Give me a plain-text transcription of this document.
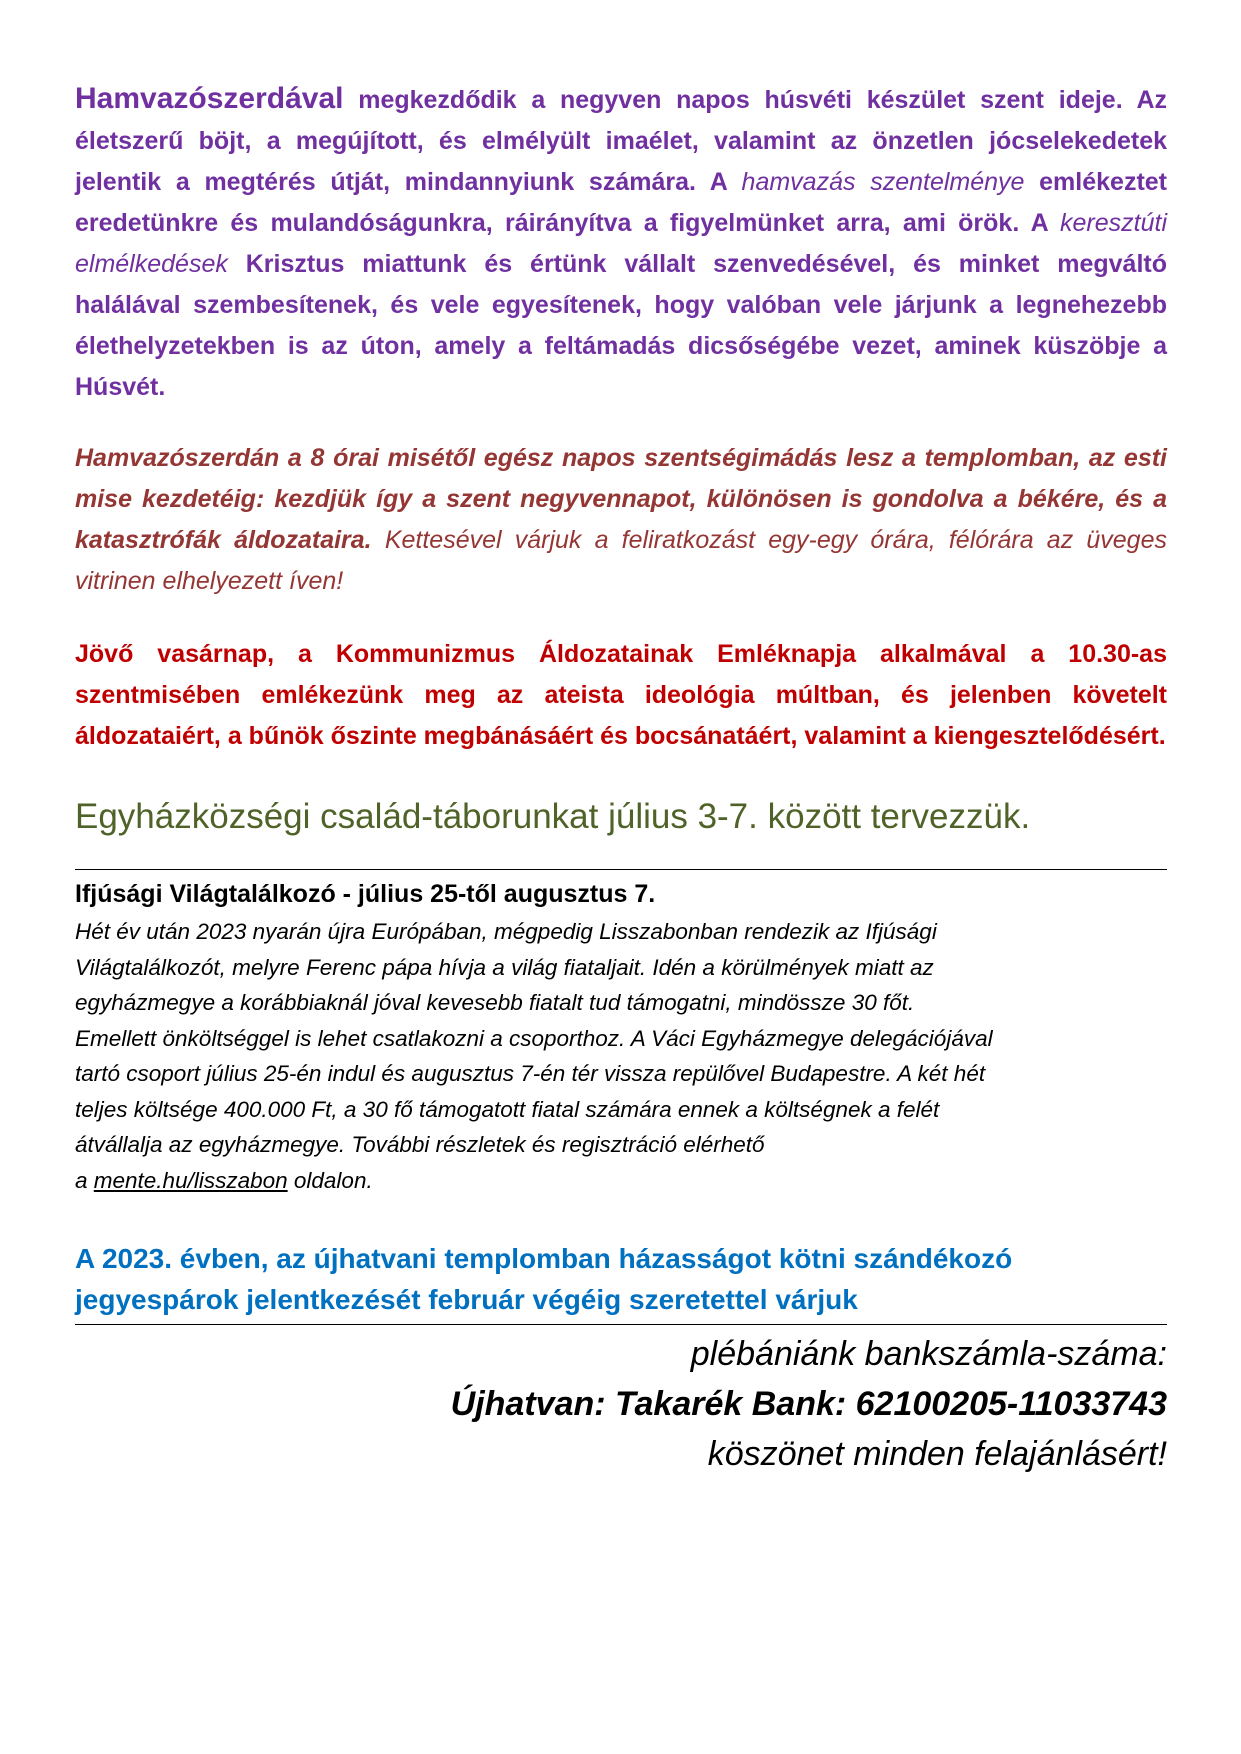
Hamvazószerdával megkezdődik a negyven napos húsvéti készület szent ideje. Az életszerű böjt, a megújított, és elmélyült imaélet, valamint az önzetlen jócselekedetek jelentik a megtérés útját, mindannyiunk számára. A hamvazás szentelménye emlékeztet eredetünkre és mulandóságunkra, ráirányítva a figyelmünket arra, ami örök. A keresztúti elmélkedések Krisztus miattunk és értünk vállalt szenvedésével, és minket megváltó halálával szembesítenek, és vele egyesítenek, hogy valóban vele járjunk a legnehezebb élethelyzetekben is az úton, amely a feltámadás dicsőségébe vezet, aminek küszöbje a Húsvét.

Hamvazószerdán a 8 órai misétől egész napos szentségimádás lesz a templomban, az esti mise kezdetéig: kezdjük így a szent negyvennapot, különösen is gondolva a békére, és a katasztrófák áldozataira. Kettesével várjuk a feliratkozást egy-egy órára, félórára az üveges vitrinen elhelyezett íven!

Jövő vasárnap, a Kommunizmus Áldozatainak Emléknapja alkalmával a 10.30-as szentmisében emlékezünk meg az ateista ideológia múltban, és jelenben követelt áldozataiért, a bűnök őszinte megbánásáért és bocsánatáért, valamint a kiengesztelődésért.

Egyházközségi család-táborunkat július 3-7. között tervezzük.

Ifjúsági Világtalálkozó - július 25-től augusztus 7.

Hét év után 2023 nyarán újra Európában, mégpedig Lisszabonban rendezik az Ifjúsági
Világtalálkozót, melyre Ferenc pápa hívja a világ fiataljait. Idén a körülmények miatt az
egyházmegye a korábbiaknál jóval kevesebb fiatalt tud támogatni, mindössze 30 főt.
Emellett önköltséggel is lehet csatlakozni a csoporthoz. A Váci Egyházmegye delegációjával
tartó csoport július 25-én indul és augusztus 7-én tér vissza repülővel Budapestre. A két hét
teljes költsége 400.000 Ft, a 30 fő támogatott fiatal számára ennek a költségnek a felét
átvállalja az egyházmegye. További részletek és regisztráció elérhető
a mente.hu/lisszabon oldalon.

A 2023. évben, az újhatvani templomban házasságot kötni szándékozó jegyespárok jelentkezését február végéig szeretettel várjuk

plébániánk bankszámla-száma:
Újhatvan: Takarék Bank: 62100205-11033743
köszönet minden felajánlásért!
